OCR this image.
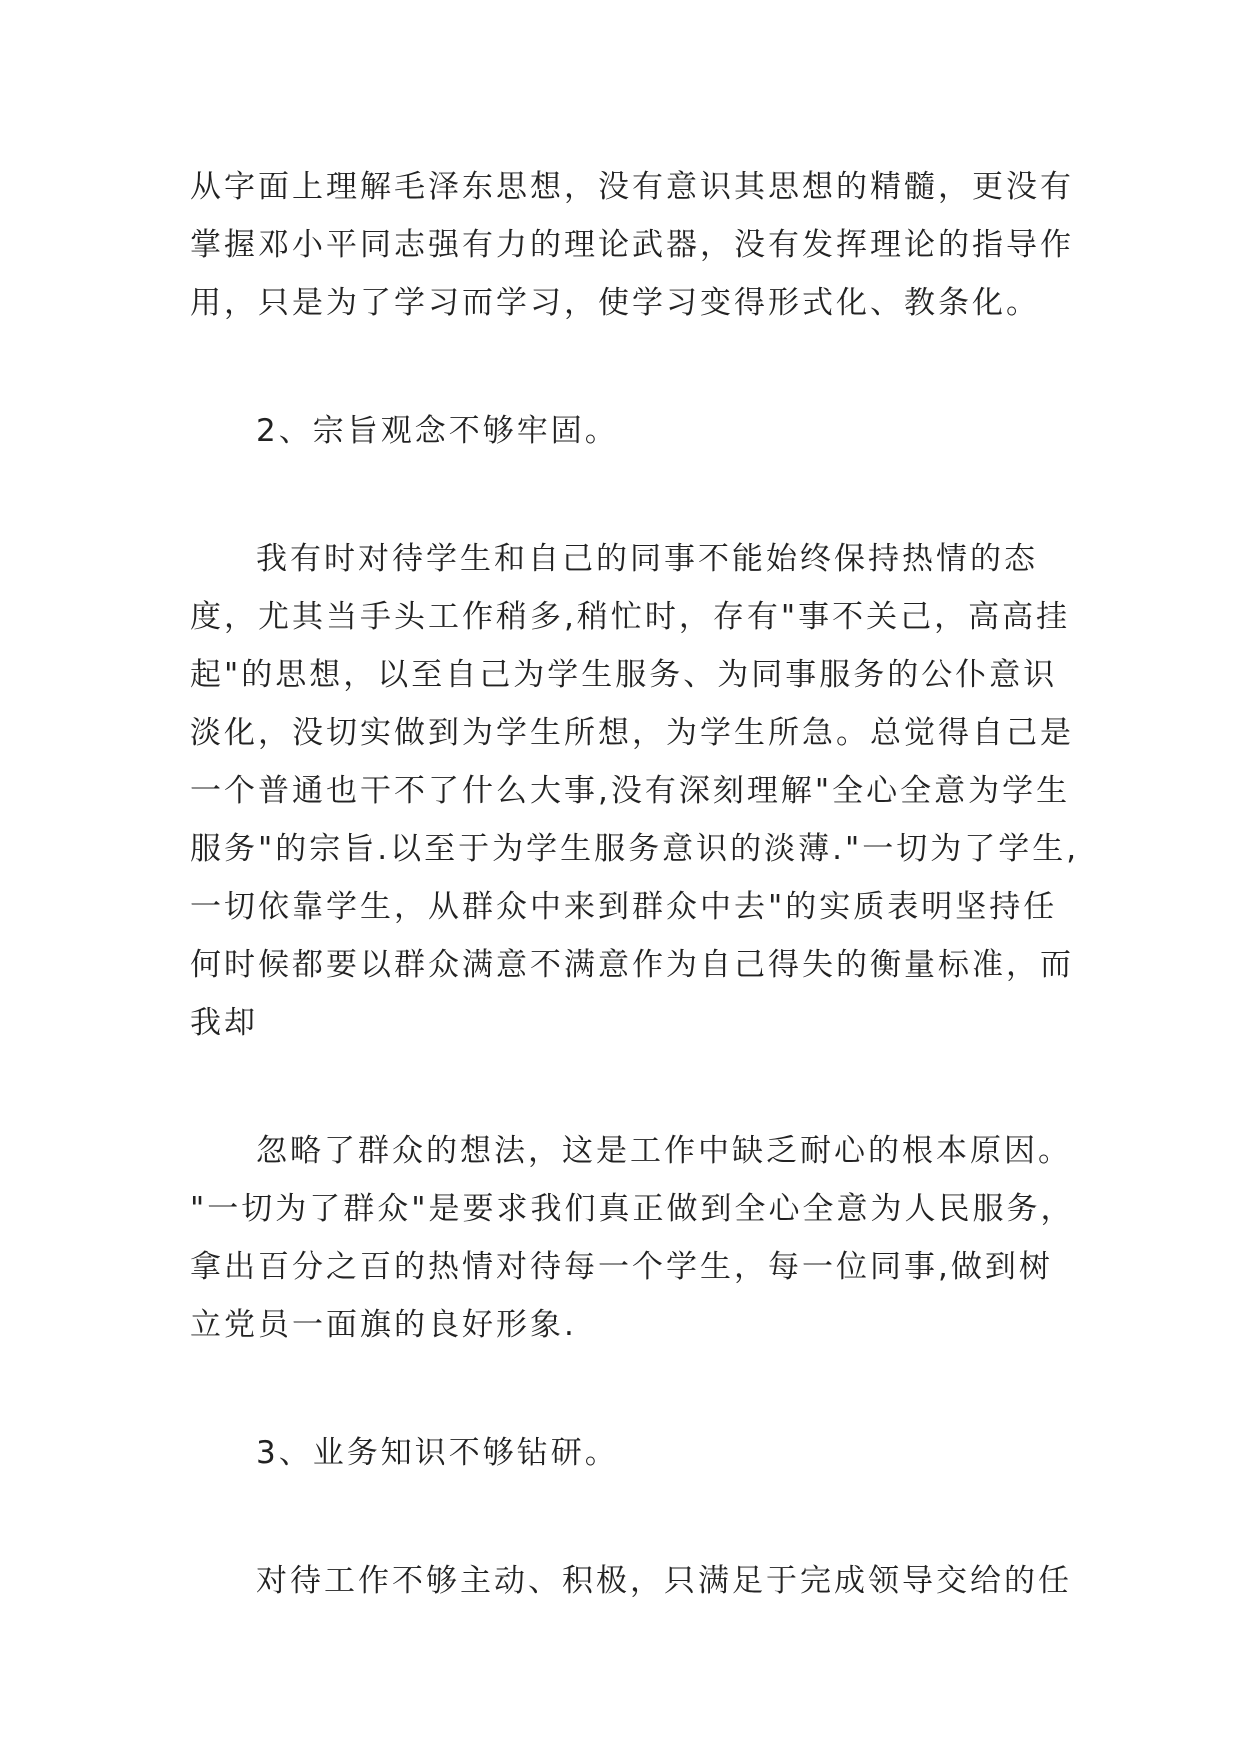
从字面上理解毛泽东思想，没有意识其思想的精髓，更没有
掌握邓小平同志强有力的理论武器，没有发挥理论的指导作
用，只是为了学习而学习，使学习变得形式化、教条化。
2、宗旨观念不够牢固。
我有时对待学生和自己的同事不能始终保持热情的态
度，尤其当手头工作稍多,稍忙时，存有"事不关己，高高挂
起"的思想，以至自己为学生服务、为同事服务的公仆意识
淡化，没切实做到为学生所想，为学生所急。总觉得自己是
一个普通也干不了什么大事,没有深刻理解"全心全意为学生
服务"的宗旨.以至于为学生服务意识的淡薄."一切为了学生,
一切依靠学生，从群众中来到群众中去"的实质表明坚持任
何时候都要以群众满意不满意作为自己得失的衡量标准，而
我却
忽略了群众的想法，这是工作中缺乏耐心的根本原因。
"一切为了群众"是要求我们真正做到全心全意为人民服务，
拿出百分之百的热情对待每一个学生，每一位同事,做到树
立党员一面旗的良好形象.
3、业务知识不够钻研。
对待工作不够主动、积极，只满足于完成领导交给的任
